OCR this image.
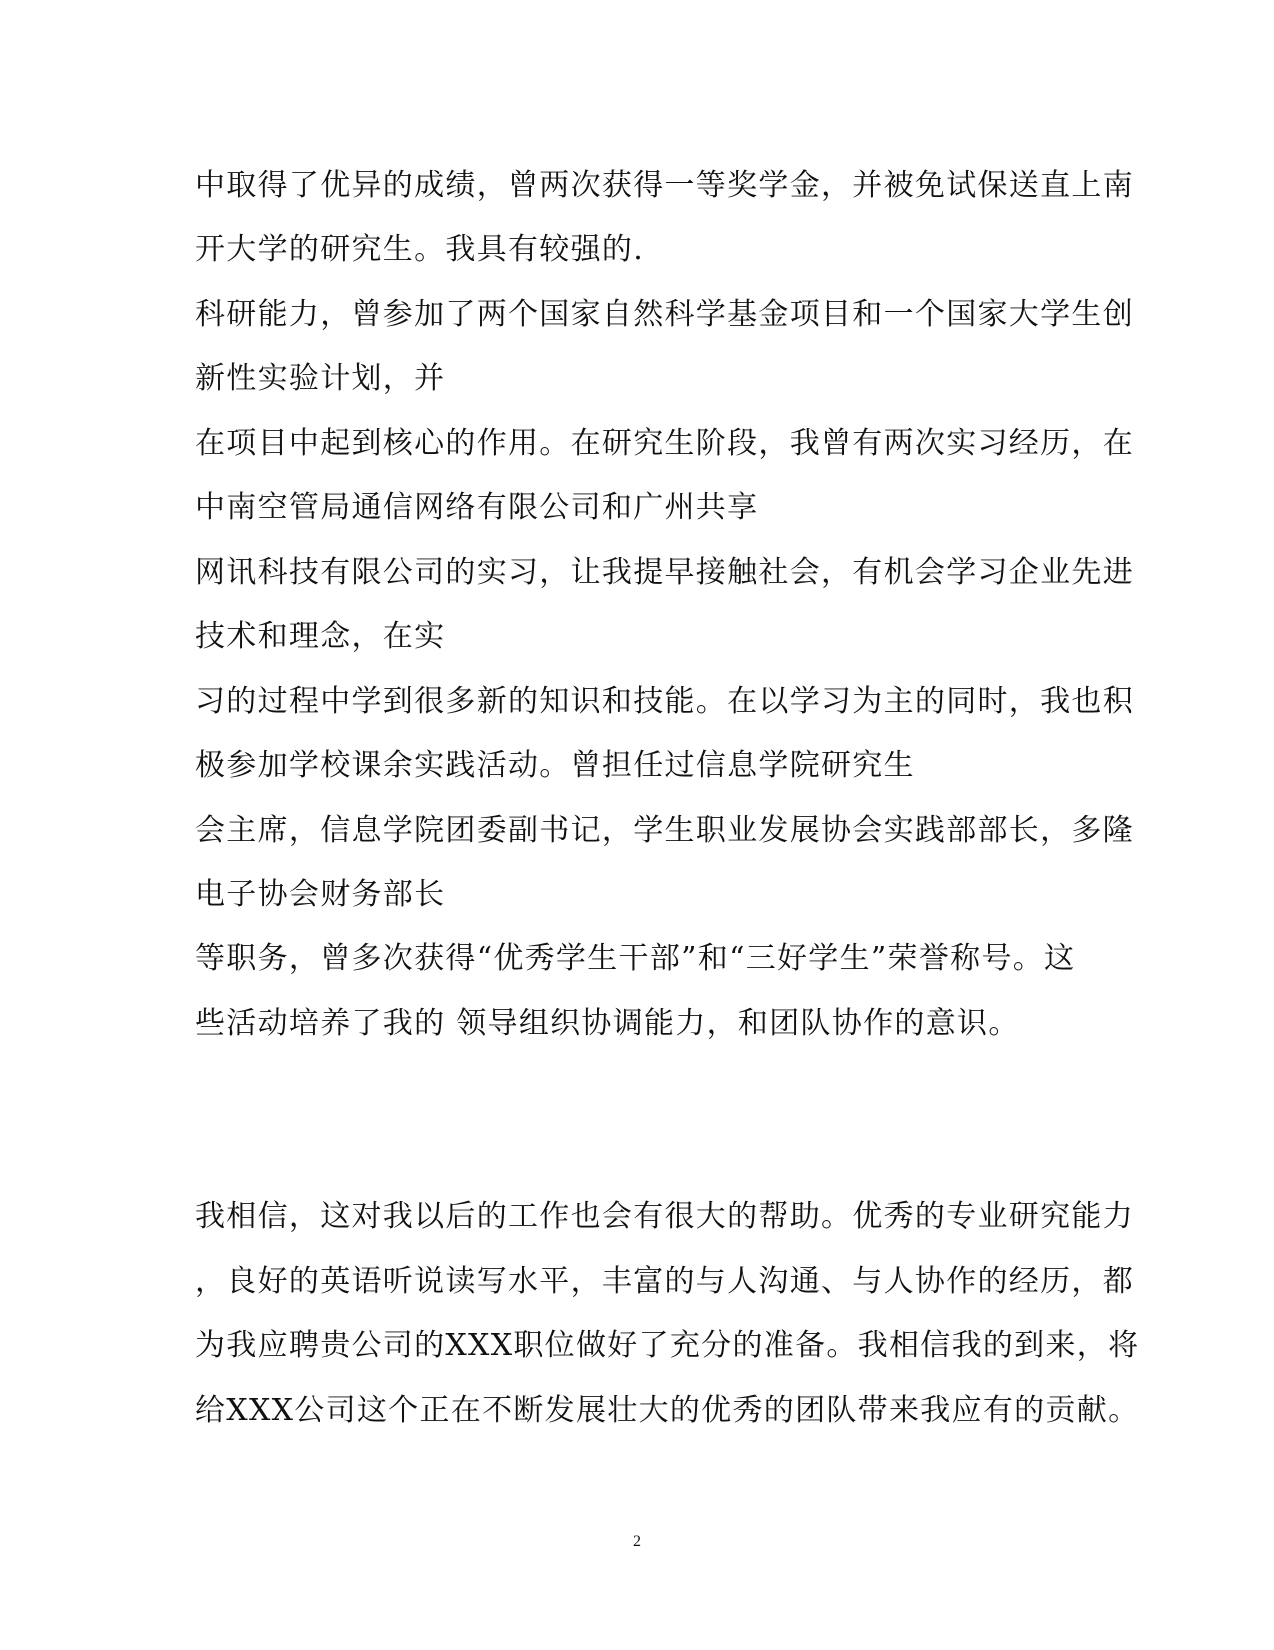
中取得了优异的成绩，曾两次获得一等奖学金，并被免试保送直上南
开大学的研究生。我具有较强的.
科研能力，曾参加了两个国家自然科学基金项目和一个国家大学生创
新性实验计划，并
在项目中起到核心的作用。在研究生阶段，我曾有两次实习经历，在
中南空管局通信网络有限公司和广州共享
网讯科技有限公司的实习，让我提早接触社会，有机会学习企业先进
技术和理念，在实
习的过程中学到很多新的知识和技能。在以学习为主的同时，我也积
极参加学校课余实践活动。曾担任过信息学院研究生
会主席，信息学院团委副书记，学生职业发展协会实践部部长，多隆
电子协会财务部长
等职务，曾多次获得“优秀学生干部”和“三好学生”荣誉称号。这
些活动培养了我的 领导组织协调能力，和团队协作的意识。
我相信，这对我以后的工作也会有很大的帮助。优秀的专业研究能力
，良好的英语听说读写水平，丰富的与人沟通、与人协作的经历，都
为我应聘贵公司的XXX职位做好了充分的准备。我相信我的到来，将
给XXX公司这个正在不断发展壮大的优秀的团队带来我应有的贡献。
2
